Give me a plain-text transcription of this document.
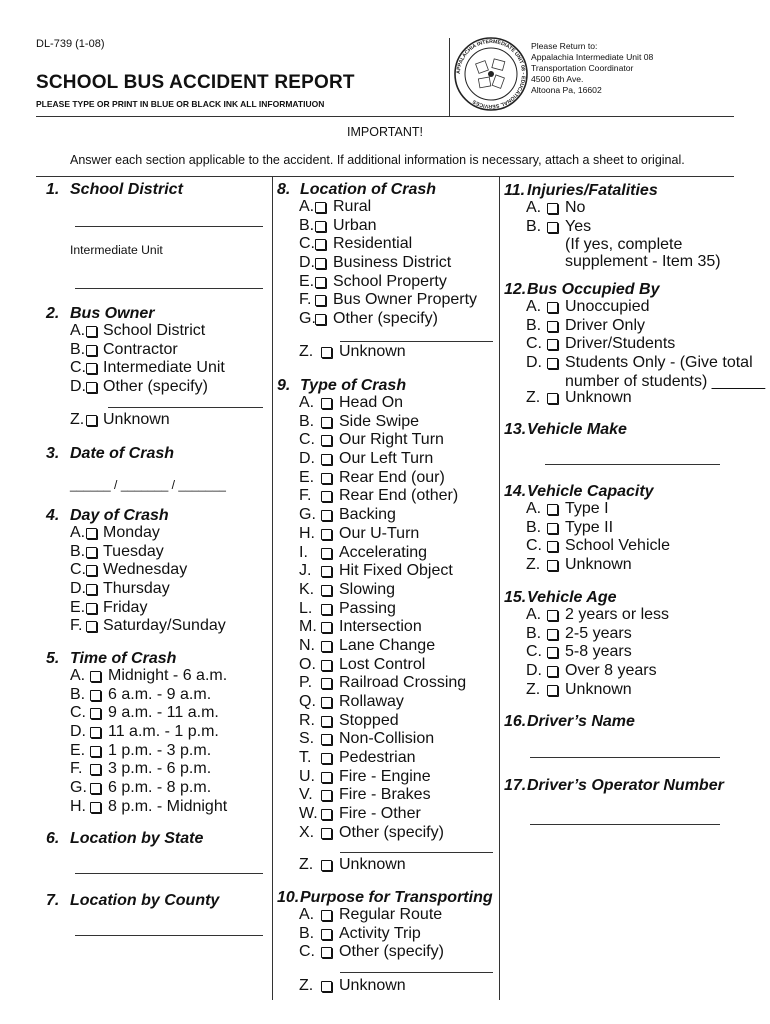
DL-739 (1-08)
SCHOOL BUS ACCIDENT REPORT
PLEASE TYPE OR PRINT IN BLUE OR BLACK INK ALL INFORMATIUON
APPALACHIA INTERMEDIATE UNIT 08 - EDUCATIONAL SERVICES
Please Return to:
Appalachia Intermediate Unit 08
Transportation Coordinator
4500 6th Ave.
Altoona Pa, 16602
IMPORTANT!
Answer each section applicable to the accident. If additional information is necessary, attach a sheet to original.
1. School District
Intermediate Unit
2. Bus Owner
A. School District
B. Contractor
C. Intermediate Unit
D. Other (specify)
Z. Unknown
3. Date of Crash
______ / _______ / _______
4. Day of Crash
A. Monday
B. Tuesday
C. Wednesday
D. Thursday
E. Friday
F. Saturday/Sunday
5. Time of Crash
A. Midnight - 6 a.m.
B. 6 a.m. - 9 a.m.
C. 9 a.m. - 11 a.m.
D. 11 a.m. - 1 p.m.
E. 1 p.m. - 3 p.m.
F. 3 p.m. - 6 p.m.
G. 6 p.m. - 8 p.m.
H. 8 p.m. - Midnight
6. Location by State
7. Location by County
8. Location of Crash
A. Rural
B. Urban
C. Residential
D. Business District
E. School Property
F. Bus Owner Property
G. Other (specify)
Z. Unknown
9. Type of Crash
A. Head On
B. Side Swipe
C. Our Right Turn
D. Our Left Turn
E. Rear End (our)
F. Rear End (other)
G. Backing
H. Our U-Turn
I. Accelerating
J. Hit Fixed Object
K. Slowing
L. Passing
M. Intersection
N. Lane Change
O. Lost Control
P. Railroad Crossing
Q. Rollaway
R. Stopped
S. Non-Collision
T. Pedestrian
U. Fire - Engine
V. Fire - Brakes
W. Fire - Other
X. Other (specify)
Z. Unknown
10. Purpose for Transporting
A. Regular Route
B. Activity Trip
C. Other (specify)
Z. Unknown
11. Injuries/Fatalities
A. No
B. Yes
(If yes, complete
supplement - Item 35)
12. Bus Occupied By
A. Unoccupied
B. Driver Only
C. Driver/Students
D. Students Only - (Give total
number of students) ______
Z. Unknown
13. Vehicle Make
14. Vehicle Capacity
A. Type I
B. Type II
C. School Vehicle
Z. Unknown
15. Vehicle Age
A. 2 years or less
B. 2-5 years
C. 5-8 years
D. Over 8 years
Z. Unknown
16. Driver’s Name
17. Driver’s Operator Number
